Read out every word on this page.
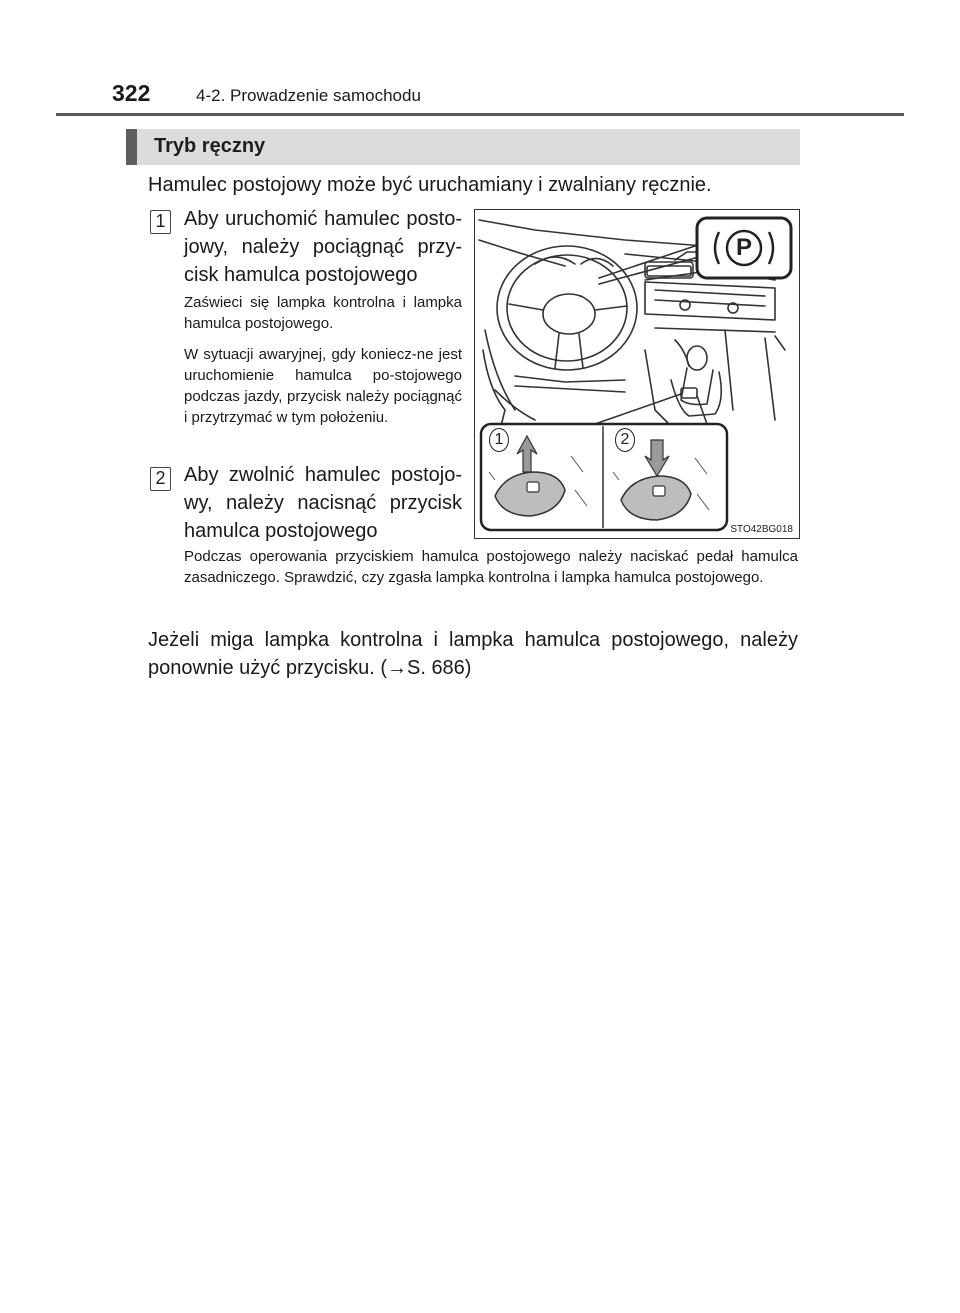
322	4-2. Prowadzenie samochodu
Tryb ręczny
Hamulec postojowy może być uruchamiany i zwalniany ręcznie.
1 Aby uruchomić hamulec posto-jowy, należy pociągnąć przy-cisk hamulca postojowego
Zaświeci się lampka kontrolna i lampka hamulca postojowego.
W sytuacji awaryjnej, gdy koniecz-ne jest uruchomienie hamulca po-stojowego podczas jazdy, przycisk należy pociągnąć i przytrzymać w tym położeniu.
2 Aby zwolnić hamulec postojo-wy, należy nacisnąć przycisk hamulca postojowego
Podczas operowania przyciskiem hamulca postojowego należy naciskać pedał hamulca zasadniczego. Sprawdzić, czy zgasła lampka kontrolna i lampka hamulca postojowego.
Jeżeli miga lampka kontrolna i lampka hamulca postojowego, należy ponownie użyć przycisku. (→S. 686)
P
1	2
STO42BG018
